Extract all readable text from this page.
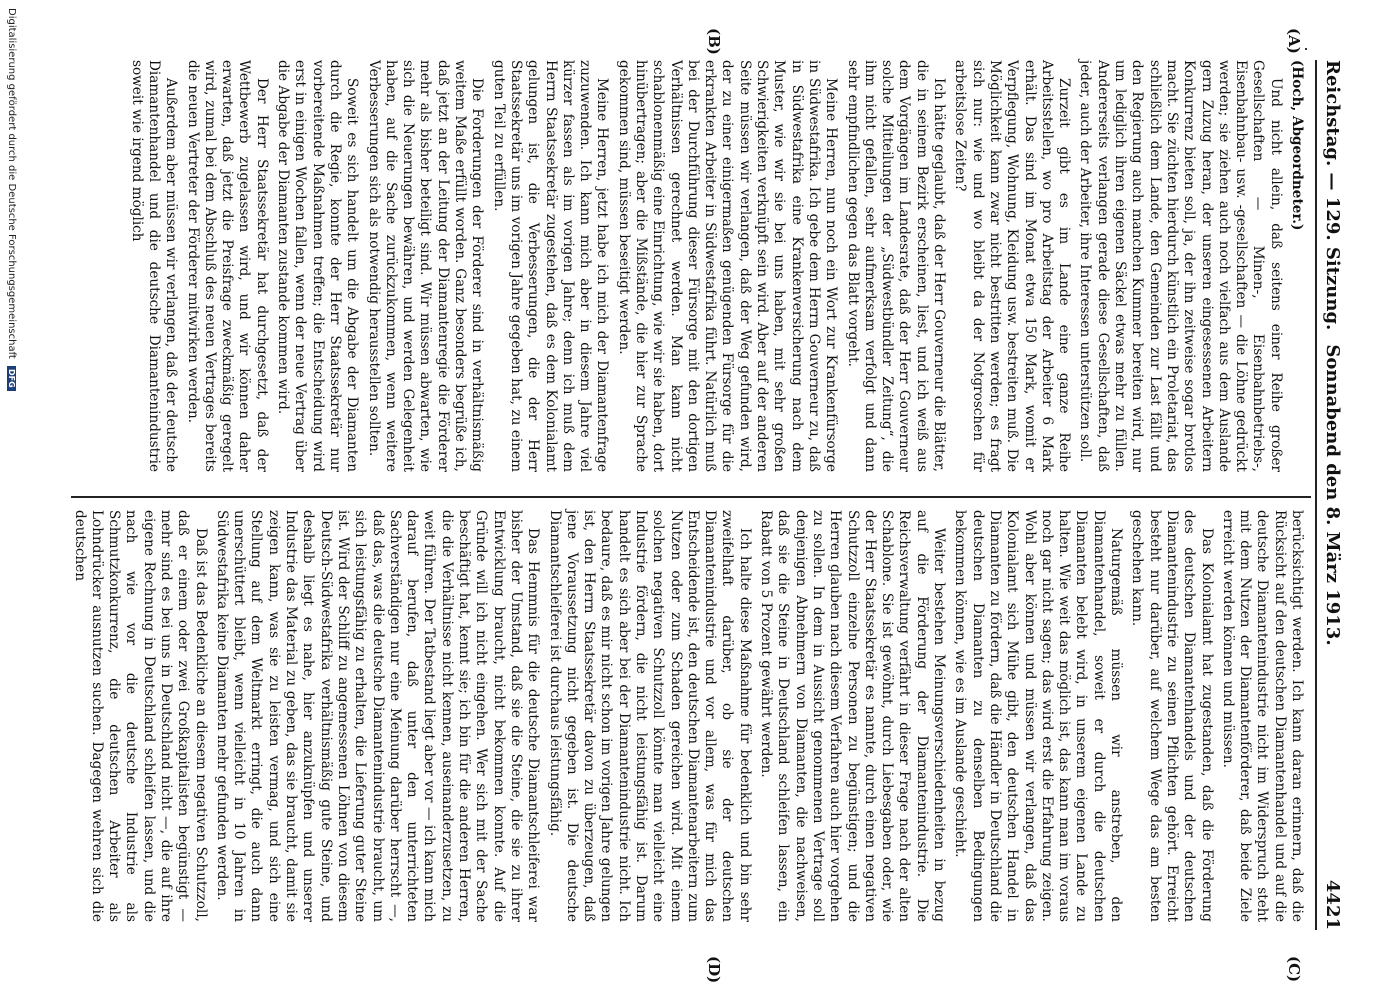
Reichstag. — 129. Sitzung.
Sonnabend den 8. März 1913.
4421
(A)
(B)
(C)
(D)

(Hoch, Abgeordneter.)

Und nicht allein, daß seitens einer Reihe großer Gesellschaften — Minen-, Eisenbahnbetriebs-, Eisenbahnbau- usw. -gesellschaften — die Löhne gedrückt werden; sie ziehen auch noch vielfach aus dem Auslande gern Zuzug heran, der unseren eingesessenen Arbeitern Konkurrenz bieten soll, ja, der ihn zeitweise sogar brotlos macht. Sie züchten hierdurch künstlich ein Proletariat, das schließlich dem Lande, den Gemeinden zur Last fällt und den Regierung auch manchen Kummer bereiten wird, nur um lediglich ihren eigenen Säckel etwas mehr zu füllen. Andererseits verlangen gerade diese Gesellschaften, daß jeder, auch der Arbeiter, ihre Interessen unterstützen soll.

Zurzeit gibt es im Lande eine ganze Reihe Arbeitsstellen, wo pro Arbeitstag der Arbeiter 6 Mark erhält. Das sind im Monat etwa 150 Mark, womit er Verpflegung, Wohnung, Kleidung usw. bestreiten muß. Die Möglichkeit kann zwar nicht bestritten werden; es fragt sich nur: wie und wo bleibt da der Notgroschen für arbeitslose Zeiten?

Ich hätte geglaubt, daß der Herr Gouverneur die Blätter, die in seinem Bezirk erscheinen, liest, und ich weiß aus dem Vorgängen im Landesrate, daß der Herr Gouverneur solche Mitteilungen der „Südwestbündler Zeitung“, die ihm nicht gefallen, sehr aufmerksam verfolgt und dann sehr empfindlichen gegen das Blatt vorgeht.

Meine Herren, nun noch ein Wort zur Krankenfürsorge in Südwestafrika. Ich gebe dem Herrn Gouverneur zu, daß in Südwestafrika eine Krankenversicherung nach dem Muster, wie wir sie bei uns haben, mit sehr großen Schwierigkeiten verknüpft sein wird. Aber auf der anderen Seite müssen wir verlangen, daß der Weg gefunden wird, der zu einer einigermaßen genügenden Fürsorge für die erkrankten Arbeiter in Südwestafrika führt. Natürlich muß bei der Durchführung dieser Fürsorge mit den dortigen Verhältnissen gerechnet werden. Man kann nicht schablonenmäßig eine Einrichtung, wie wir sie haben, dort hinübertragen; aber die Mißstände, die hier zur Sprache gekommen sind, müssen beseitigt werden.

Meine Herren, jetzt habe ich mich der Diamantenfrage zuzuwenden. Ich kann mich aber in diesem Jahre viel kürzer fassen als im vorigen Jahre; denn ich muß dem Herrn Staatssekretär zugestehen, daß es dem Kolonialamt gelungen ist, die Verbesserungen, die der Herr Staatssekretär uns im vorigen Jahre gegeben hat, zu einem guten Teil zu erfüllen.

Die Forderungen der Förderer sind in verhältnismäßig weitem Maße erfüllt worden. Ganz besonders begrüße ich, daß jetzt an der Leitung der Diamantenregie die Förderer mehr als bisher beteiligt sind. Wir müssen abwarten, wie sich die Neuerungen bewähren, und werden Gelegenheit haben, auf die Sache zurückzukommen, wenn weitere Verbesserungen sich als notwendig herausstellen sollten.

Soweit es sich handelt um die Abgabe der Diamanten durch die Regie, konnte der Herr Staatssekretär nur vorbereitende Maßnahmen treffen; die Entscheidung wird erst in einigen Wochen fallen, wenn der neue Vertrag über die Abgabe der Diamanten zustande kommen wird.

Der Herr Staatssekretär hat durchgesetzt, daß der Wettbewerb zugelassen wird, und wir können daher erwarten, daß jetzt die Preisfrage zweckmäßig geregelt wird, zumal bei dem Abschluß des neuen Vertrages bereits die neuen Vertreter der Förderer mitwirken werden.

Außerdem aber müssen wir verlangen, daß der deutsche Diamantenhandel und die deutsche Diamantenindustrie soweit wie irgend möglich

berücksichtigt werden. Ich kann daran erinnern, daß die Rücksicht auf den deutschen Diamantenhandel und auf die deutsche Diamantenindustrie nicht im Widerspruch steht mit dem Nutzen der Diamantenförderer, daß beide Ziele erreicht werden können und müssen.

Das Kolonialamt hat zugestanden, daß die Förderung des deutschen Diamantenhandels und der deutschen Diamantenindustrie zu seinen Pflichten gehört. Erreicht besteht nur darüber, auf welchem Wege das am besten geschehen kann.

Naturgemäß müssen wir anstreben, den Diamantenhandel, soweit er durch die deutschen Diamanten belebt wird, in unserem eigenen Lande zu halten. Wie weit das möglich ist, das kann man im voraus noch gar nicht sagen; das wird erst die Erfahrung zeigen. Wohl aber können und müssen wir verlangen, daß das Kolonialamt sich Mühe gibt, den deutschen Handel in Diamanten zu fördern, daß die Händler in Deutschland die deutschen Diamanten zu denselben Bedingungen bekommen können, wie es im Auslande geschieht.

Weiter bestehen Meinungsverschiedenheiten in bezug auf die Förderung der Diamantenindustrie. Die Reichsverwaltung verfährt in dieser Frage nach der alten Schablone. Sie ist gewöhnt, durch Liebesgaben oder, wie der Herr Staatssekretär es nannte, durch einen negativen Schutzzoll einzelne Personen zu begünstigen; und die Herren glauben nach diesem Verfahren auch hier vorgehen zu sollen. In dem in Aussicht genommenen Vertrage soll denjenigen Abnehmern von Diamanten, die nachweisen, daß sie die Steine in Deutschland schleifen lassen, ein Rabatt von 5 Prozent gewährt werden.

Ich halte diese Maßnahme für bedenklich und bin sehr zweifelhaft darüber, ob sie der deutschen Diamantenindustrie und vor allem, was für mich das Entscheidende ist, den deutschen Diamantenarbeitern zum Nutzen oder zum Schaden gereichen wird. Mit einem solchen negativen Schutzzoll könnte man vielleicht eine Industrie fördern, die nicht leistungsfähig ist. Darum handelt es sich aber bei der Diamantenindustrie nicht. Ich bedaure, daß es mir nicht schon im vorigen Jahre gelungen ist, den Herrn Staatssekretär davon zu überzeugen, daß jene Voraussetzung nicht gegeben ist. Die deutsche Diamantschleiferei ist durchaus leistungsfähig.

Das Hemmnis für die deutsche Diamantschleiferei war bisher der Umstand, daß sie die Steine, die sie zu ihrer Entwicklung braucht, nicht bekommen konnte. Auf die Gründe will ich nicht eingehen. Wer sich mit der Sache beschäftigt hat, kennt sie; ich bin für die anderen Herren, die die Verhältnisse nicht kennen, auseinanderzusetzen, zu weit führen. Der Tatbestand liegt aber vor — ich kann mich darauf berufen, daß unter den unterrichteten Sachverständigen nur eine Meinung darüber herrscht —, daß das, was die deutsche Diamantenindustrie braucht, um sich leistungsfähig zu erhalten, die Lieferung guter Steine ist. Wird der Schliff zu angemessenen Löhnen von diesem Deutsch-Südwestafrika verhältnismäßig gute Steine, und deshalb liegt es nahe, hier anzuknüpfen und unserer Industrie das Material zu geben, das sie braucht, damit sie zeigen kann, was sie zu leisten vermag, und sich eine Stellung auf dem Weltmarkt erringt, die auch dann unerschüttert bleibt, wenn vielleicht in 10 Jahren in Südwestafrika keine Diamanten mehr gefunden werden.

Daß ist das Bedenkliche an diesem negativen Schutzzoll, daß er einem oder zwei Großkapitalisten begünstigt — mehr sind es bei uns in Deutschland nicht —, die auf ihre eigene Rechnung in Deutschland schleifen lassen, und die nach wie vor die deutsche Industrie als Schmutzkonkurrenz, die deutschen Arbeiter als Lohndrücker ausnutzen suchen. Dagegen wehren sich die deutschen

Digitalisierung gefördert durch die Deutsche Forschungsgemeinschaft DFG
